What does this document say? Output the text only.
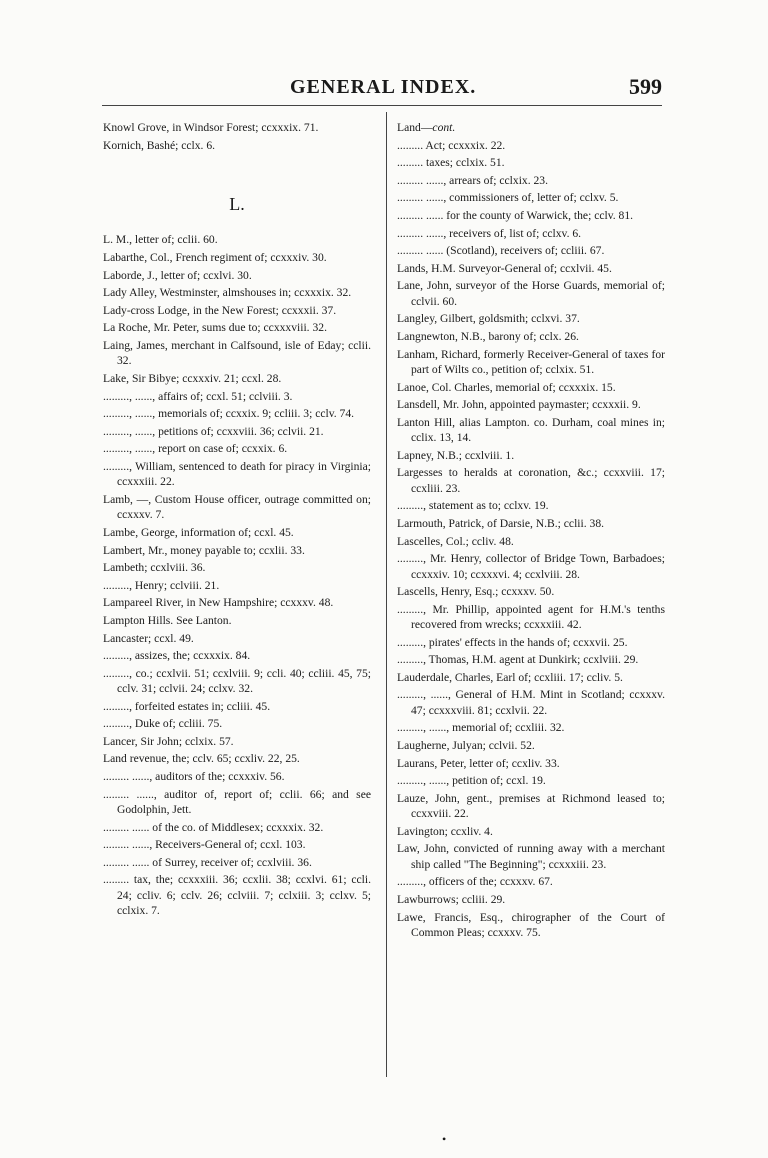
GENERAL INDEX.	599
Knowl Grove, in Windsor Forest; ccxxxix. 71.
Kornich, Bashé; cclx. 6.
L.
L. M., letter of; cclii. 60.
Labarthe, Col., French regiment of; ccxxxiv. 30.
Laborde, J., letter of; ccxlvi. 30.
Lady Alley, Westminster, almshouses in; ccxxxix. 32.
Lady-cross Lodge, in the New Forest; ccxxxii. 37.
La Roche, Mr. Peter, sums due to; ccxxxviii. 32.
Laing, James, merchant in Calfsound, isle of Eday; cclii. 32.
Lake, Sir Bibye; ccxxxiv. 21; ccxl. 28.
........., ......, affairs of; ccxl. 51; cclviii. 3.
........., ......, memorials of; ccxxix. 9; ccliii. 3; cclv. 74.
........., ......, petitions of; ccxxviii. 36; cclvii. 21.
........., ......, report on case of; ccxxix. 6.
........., William, sentenced to death for piracy in Virginia; ccxxxiii. 22.
Lamb, —, Custom House officer, outrage committed on; ccxxxv. 7.
Lambe, George, information of; ccxl. 45.
Lambert, Mr., money payable to; ccxlii. 33.
Lambeth; ccxlviii. 36.
........., Henry; cclviii. 21.
Lampareel River, in New Hampshire; ccxxxv. 48.
Lampton Hills. See Lanton.
Lancaster; ccxl. 49.
........., assizes, the; ccxxxix. 84.
........., co.; ccxlvii. 51; ccxlviii. 9; ccli. 40; ccliii. 45, 75; cclv. 31; cclvii. 24; cclxv. 32.
........., forfeited estates in; ccliii. 45.
........., Duke of; ccliii. 75.
Lancer, Sir John; cclxix. 57.
Land revenue, the; cclv. 65; ccxliv. 22, 25.
......... ......, auditors of the; ccxxxiv. 56.
......... ......, auditor of, report of; cclii. 66; and see Godolphin, Jett.
......... ...... of the co. of Middlesex; ccxxxix. 32.
......... ......, Receivers-General of; ccxl. 103.
......... ...... of Surrey, receiver of; ccxlviii. 36.
......... tax, the; ccxxxiii. 36; ccxlii. 38; ccxlvi. 61; ccli. 24; ccliv. 6; cclv. 26; cclviii. 7; cclxiii. 3; cclxv. 5; cclxix. 7.
Land—cont.
......... Act; ccxxxix. 22.
......... taxes; cclxix. 51.
......... ......, arrears of; cclxix. 23.
......... ......, commissioners of, letter of; cclxv. 5.
......... ...... for the county of Warwick, the; cclv. 81.
......... ......, receivers of, list of; cclxv. 6.
......... ...... (Scotland), receivers of; ccliii. 67.
Lands, H.M. Surveyor-General of; ccxlvii. 45.
Lane, John, surveyor of the Horse Guards, memorial of; cclvii. 60.
Langley, Gilbert, goldsmith; cclxvi. 37.
Langnewton, N.B., barony of; cclx. 26.
Lanham, Richard, formerly Receiver-General of taxes for part of Wilts co., petition of; cclxix. 51.
Lanoe, Col. Charles, memorial of; ccxxxix. 15.
Lansdell, Mr. John, appointed paymaster; ccxxxii. 9.
Lanton Hill, alias Lampton. co. Durham, coal mines in; cclix. 13, 14.
Lapney, N.B.; ccxlviii. 1.
Largesses to heralds at coronation, &c.; ccxxviii. 17; ccxliii. 23.
........., statement as to; cclxv. 19.
Larmouth, Patrick, of Darsie, N.B.; cclii. 38.
Lascelles, Col.; ccliv. 48.
........., Mr. Henry, collector of Bridge Town, Barbadoes; ccxxxiv. 10; ccxxxvi. 4; ccxlviii. 28.
Lascells, Henry, Esq.; ccxxxv. 50.
........., Mr. Phillip, appointed agent for H.M.'s tenths recovered from wrecks; ccxxxiii. 42.
........., pirates' effects in the hands of; ccxxvii. 25.
........., Thomas, H.M. agent at Dunkirk; ccxlviii. 29.
Lauderdale, Charles, Earl of; ccxliii. 17; ccliv. 5.
........., ......, General of H.M. Mint in Scotland; ccxxxv. 47; ccxxxviii. 81; ccxlvii. 22.
........., ......, memorial of; ccxliii. 32.
Laugherne, Julyan; cclvii. 52.
Laurans, Peter, letter of; ccxliv. 33.
........., ......, petition of; ccxl. 19.
Lauze, John, gent., premises at Richmond leased to; ccxxviii. 22.
Lavington; ccxliv. 4.
Law, John, convicted of running away with a merchant ship called "The Beginning"; ccxxxiii. 23.
........., officers of the; ccxxxv. 67.
Lawburrows; ccliii. 29.
Lawe, Francis, Esq., chirographer of the Court of Common Pleas; ccxxxv. 75.
•
